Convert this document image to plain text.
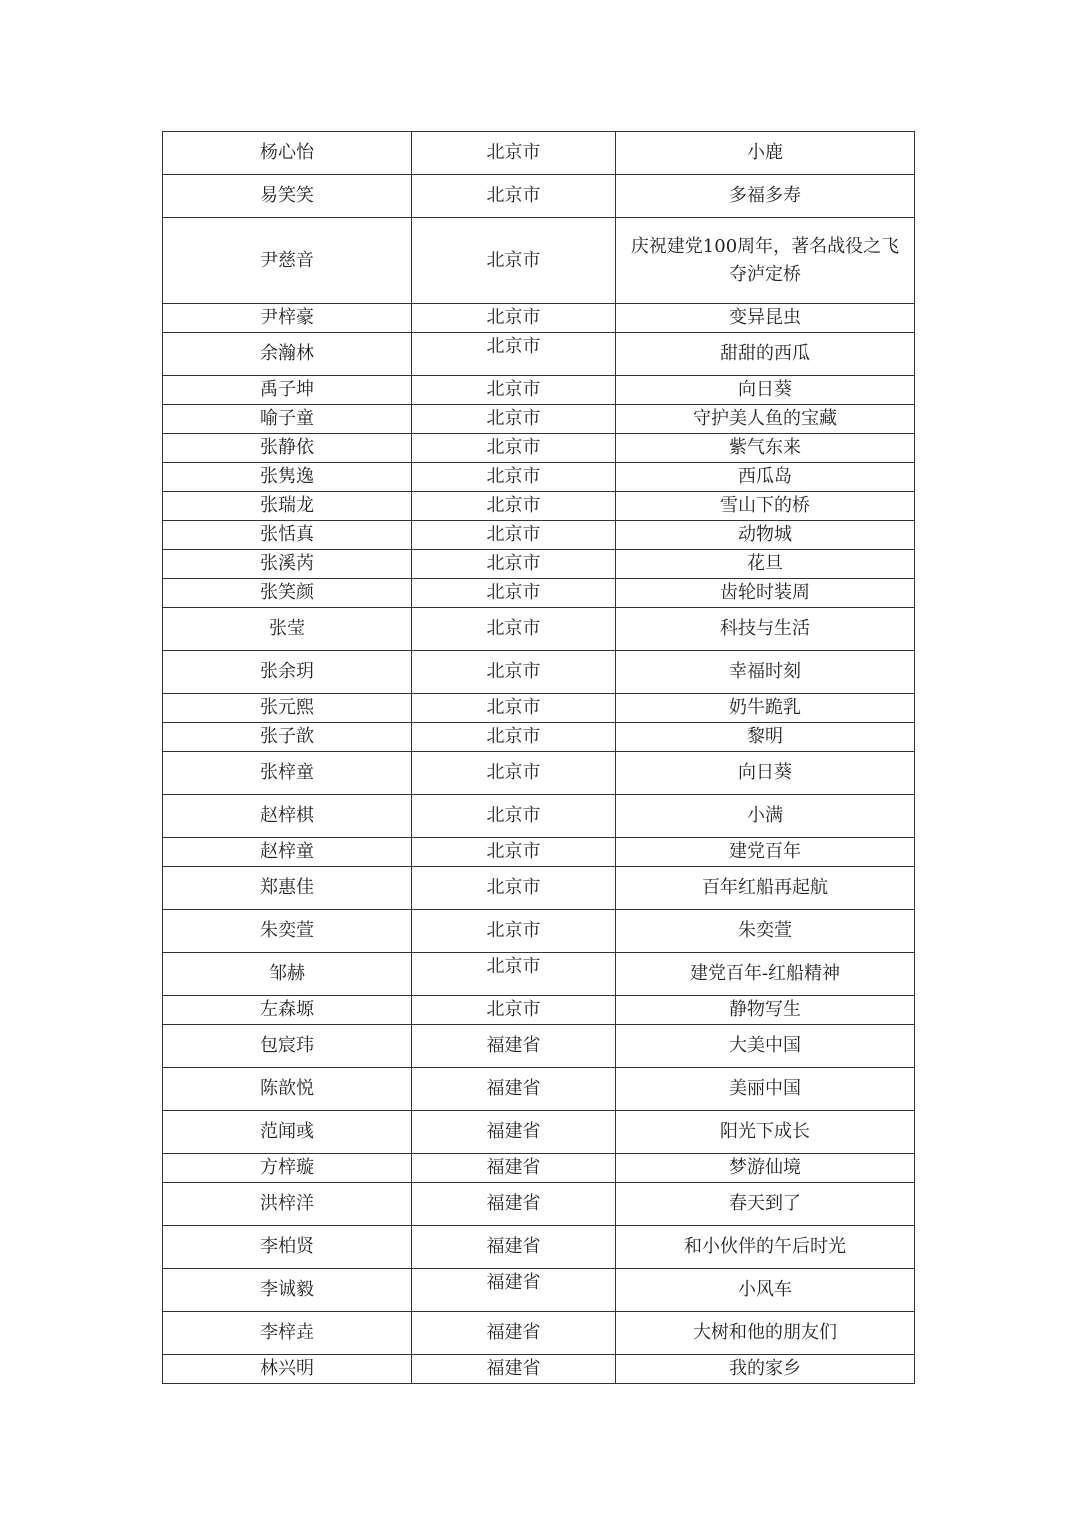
杨心怡	北京市	小鹿
易笑笑	北京市	多福多寿
尹慈音	北京市	庆祝建党100周年，著名战役之飞夺泸定桥
尹梓豪	北京市	变异昆虫
余瀚林	北京市	甜甜的西瓜
禹子坤	北京市	向日葵
喻子童	北京市	守护美人鱼的宝藏
张静依	北京市	紫气东来
张隽逸	北京市	西瓜岛
张瑞龙	北京市	雪山下的桥
张恬真	北京市	动物城
张溪芮	北京市	花旦
张笑颜	北京市	齿轮时装周
张莹	北京市	科技与生活
张余玥	北京市	幸福时刻
张元熙	北京市	奶牛跪乳
张子歆	北京市	黎明
张梓童	北京市	向日葵
赵梓棋	北京市	小满
赵梓童	北京市	建党百年
郑惠佳	北京市	百年红船再起航
朱奕萱	北京市	朱奕萱
邹赫	北京市	建党百年-红船精神
左森塬	北京市	静物写生
包宸玮	福建省	大美中国
陈歆悦	福建省	美丽中国
范闻彧	福建省	阳光下成长
方梓璇	福建省	梦游仙境
洪梓洋	福建省	春天到了
李柏贤	福建省	和小伙伴的午后时光
李诚毅	福建省	小风车
李梓垚	福建省	大树和他的朋友们
林兴明	福建省	我的家乡
